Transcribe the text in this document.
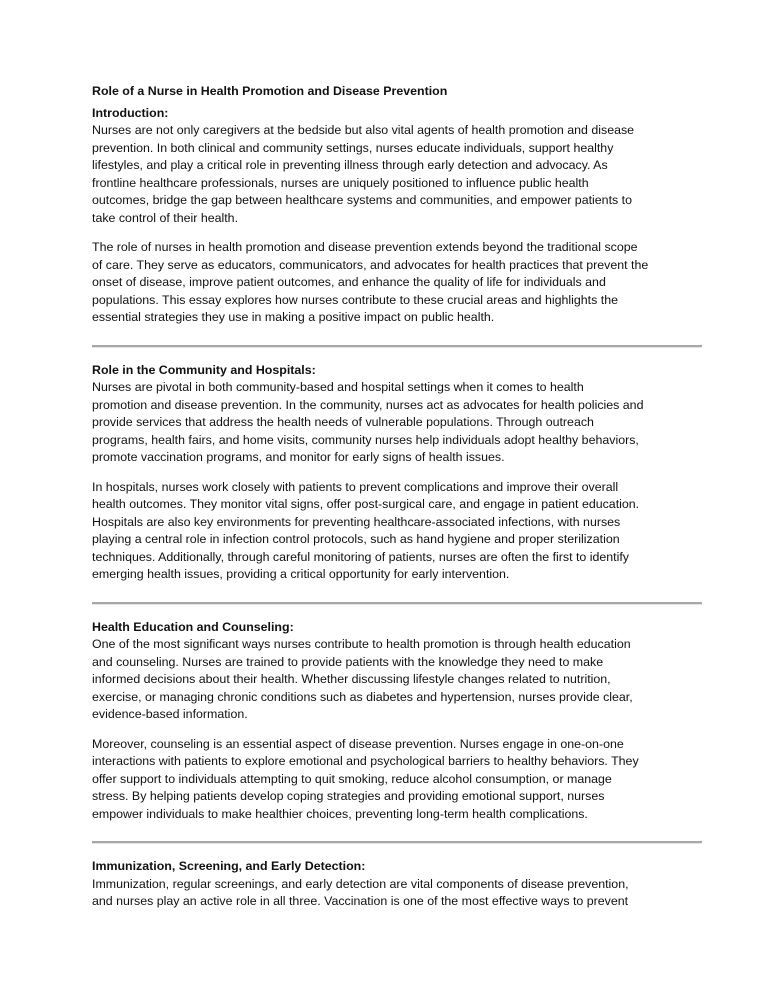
Role of a Nurse in Health Promotion and Disease Prevention
Introduction:
Nurses are not only caregivers at the bedside but also vital agents of health promotion and disease
prevention. In both clinical and community settings, nurses educate individuals, support healthy
lifestyles, and play a critical role in preventing illness through early detection and advocacy. As
frontline healthcare professionals, nurses are uniquely positioned to influence public health
outcomes, bridge the gap between healthcare systems and communities, and empower patients to
take control of their health.
The role of nurses in health promotion and disease prevention extends beyond the traditional scope
of care. They serve as educators, communicators, and advocates for health practices that prevent the
onset of disease, improve patient outcomes, and enhance the quality of life for individuals and
populations. This essay explores how nurses contribute to these crucial areas and highlights the
essential strategies they use in making a positive impact on public health.
Role in the Community and Hospitals:
Nurses are pivotal in both community-based and hospital settings when it comes to health
promotion and disease prevention. In the community, nurses act as advocates for health policies and
provide services that address the health needs of vulnerable populations. Through outreach
programs, health fairs, and home visits, community nurses help individuals adopt healthy behaviors,
promote vaccination programs, and monitor for early signs of health issues.
In hospitals, nurses work closely with patients to prevent complications and improve their overall
health outcomes. They monitor vital signs, offer post-surgical care, and engage in patient education.
Hospitals are also key environments for preventing healthcare-associated infections, with nurses
playing a central role in infection control protocols, such as hand hygiene and proper sterilization
techniques. Additionally, through careful monitoring of patients, nurses are often the first to identify
emerging health issues, providing a critical opportunity for early intervention.
Health Education and Counseling:
One of the most significant ways nurses contribute to health promotion is through health education
and counseling. Nurses are trained to provide patients with the knowledge they need to make
informed decisions about their health. Whether discussing lifestyle changes related to nutrition,
exercise, or managing chronic conditions such as diabetes and hypertension, nurses provide clear,
evidence-based information.
Moreover, counseling is an essential aspect of disease prevention. Nurses engage in one-on-one
interactions with patients to explore emotional and psychological barriers to healthy behaviors. They
offer support to individuals attempting to quit smoking, reduce alcohol consumption, or manage
stress. By helping patients develop coping strategies and providing emotional support, nurses
empower individuals to make healthier choices, preventing long-term health complications.
Immunization, Screening, and Early Detection:
Immunization, regular screenings, and early detection are vital components of disease prevention,
and nurses play an active role in all three. Vaccination is one of the most effective ways to prevent
